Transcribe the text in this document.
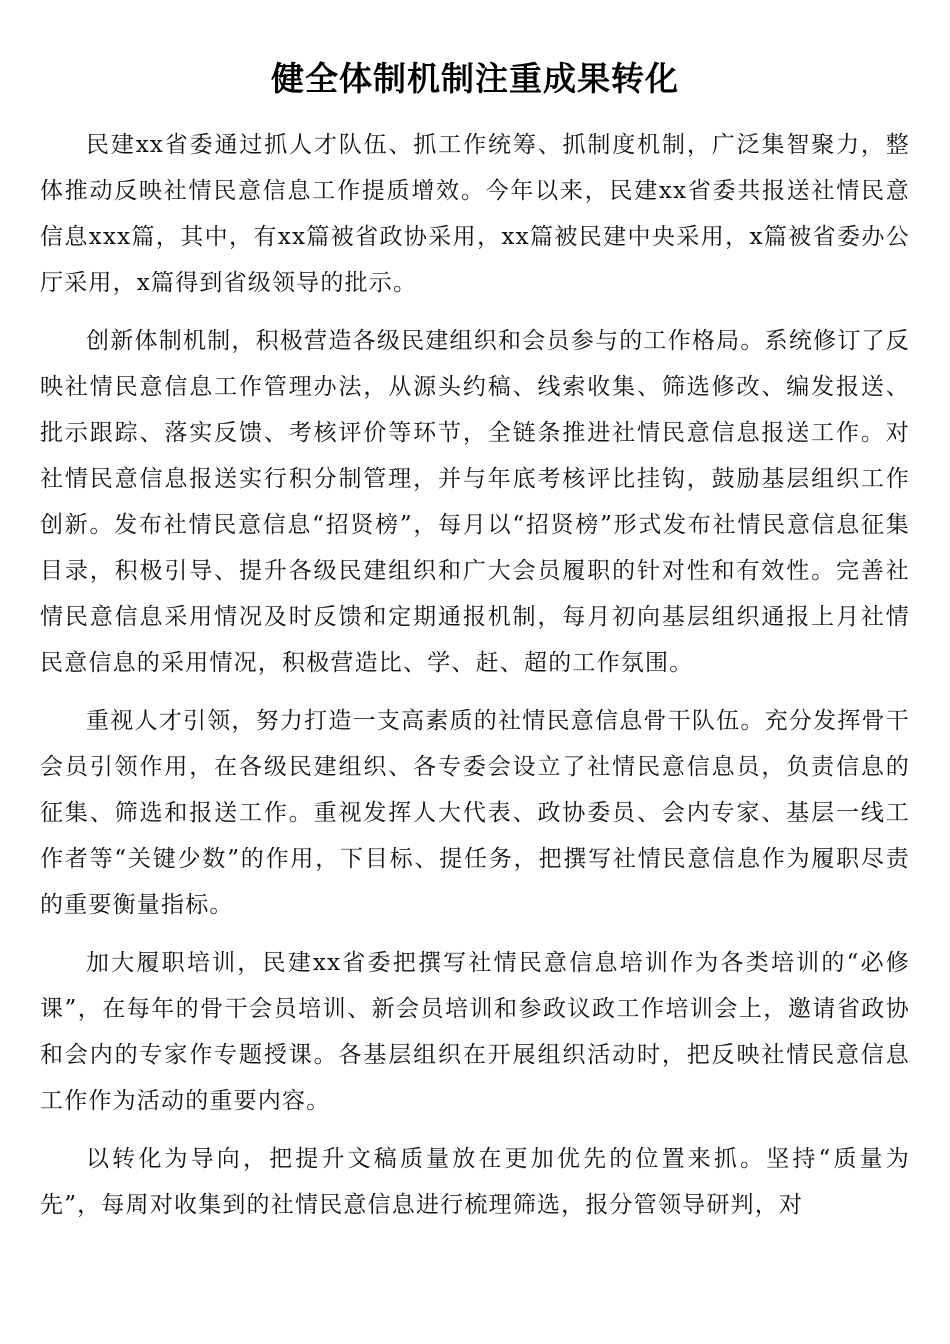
健全体制机制注重成果转化

民建xx省委通过抓人才队伍、抓工作统筹、抓制度机制，广泛集智聚力，整体推动反映社情民意信息工作提质增效。今年以来，民建xx省委共报送社情民意信息xxx篇，其中，有xx篇被省政协采用，xx篇被民建中央采用，x篇被省委办公厅采用，x篇得到省级领导的批示。

创新体制机制，积极营造各级民建组织和会员参与的工作格局。系统修订了反映社情民意信息工作管理办法，从源头约稿、线索收集、筛选修改、编发报送、批示跟踪、落实反馈、考核评价等环节，全链条推进社情民意信息报送工作。对社情民意信息报送实行积分制管理，并与年底考核评比挂钩，鼓励基层组织工作创新。发布社情民意信息“招贤榜”，每月以“招贤榜”形式发布社情民意信息征集目录，积极引导、提升各级民建组织和广大会员履职的针对性和有效性。完善社情民意信息采用情况及时反馈和定期通报机制，每月初向基层组织通报上月社情民意信息的采用情况，积极营造比、学、赶、超的工作氛围。

重视人才引领，努力打造一支高素质的社情民意信息骨干队伍。充分发挥骨干会员引领作用，在各级民建组织、各专委会设立了社情民意信息员，负责信息的征集、筛选和报送工作。重视发挥人大代表、政协委员、会内专家、基层一线工作者等“关键少数”的作用，下目标、提任务，把撰写社情民意信息作为履职尽责的重要衡量指标。

加大履职培训，民建xx省委把撰写社情民意信息培训作为各类培训的“必修课”，在每年的骨干会员培训、新会员培训和参政议政工作培训会上，邀请省政协和会内的专家作专题授课。各基层组织在开展组织活动时，把反映社情民意信息工作作为活动的重要内容。

以转化为导向，把提升文稿质量放在更加优先的位置来抓。坚持“质量为先”，每周对收集到的社情民意信息进行梳理筛选，报分管领导研判，对
